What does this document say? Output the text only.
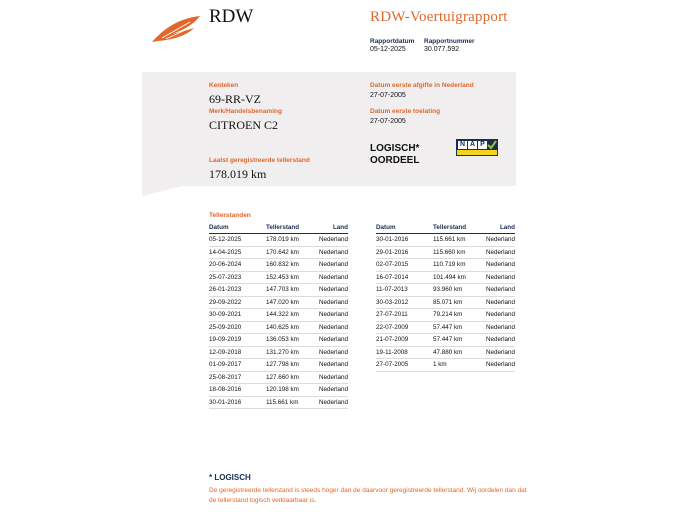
RDW	RDW-Voertuigrapport
Rapportdatum
05-12-2025
Rapportnummer
30.077.592
Kenteken
69-RR-VZ
Merk/Handelsbenaming
CITROEN C2
Laatst geregistreerde tellerstand
178.019 km
Datum eerste afgifte in Nederland
27-07-2005
Datum eerste toelating
27-07-2005
LOGISCH*
OORDEEL
N A P
Tellerstanden
Datum	Tellerstand	Land
05-12-2025	178.019 km	Nederland
14-04-2025	170.642 km	Nederland
20-06-2024	160.832 km	Nederland
25-07-2023	152.453 km	Nederland
26-01-2023	147.703 km	Nederland
29-09-2022	147.020 km	Nederland
30-09-2021	144.322 km	Nederland
25-09-2020	140.625 km	Nederland
19-09-2019	136.053 km	Nederland
12-09-2018	131.270 km	Nederland
01-09-2017	127.798 km	Nederland
25-08-2017	127.660 km	Nederland
18-08-2016	120.198 km	Nederland
30-01-2016	115.661 km	Nederland
Datum	Tellerstand	Land
30-01-2016	115.661 km	Nederland
29-01-2016	115.660 km	Nederland
02-07-2015	110.719 km	Nederland
16-07-2014	101.494 km	Nederland
11-07-2013	93.960 km	Nederland
30-03-2012	85.071 km	Nederland
27-07-2011	79.214 km	Nederland
22-07-2009	57.447 km	Nederland
21-07-2009	57.447 km	Nederland
19-11-2008	47.880 km	Nederland
27-07-2005	1 km	Nederland
* LOGISCH
De geregistreerde tellerstand is steeds hoger dan de daarvoor geregistreerde tellerstand. Wij oordelen dan dat de tellerstand logisch verklaarbaar is.
